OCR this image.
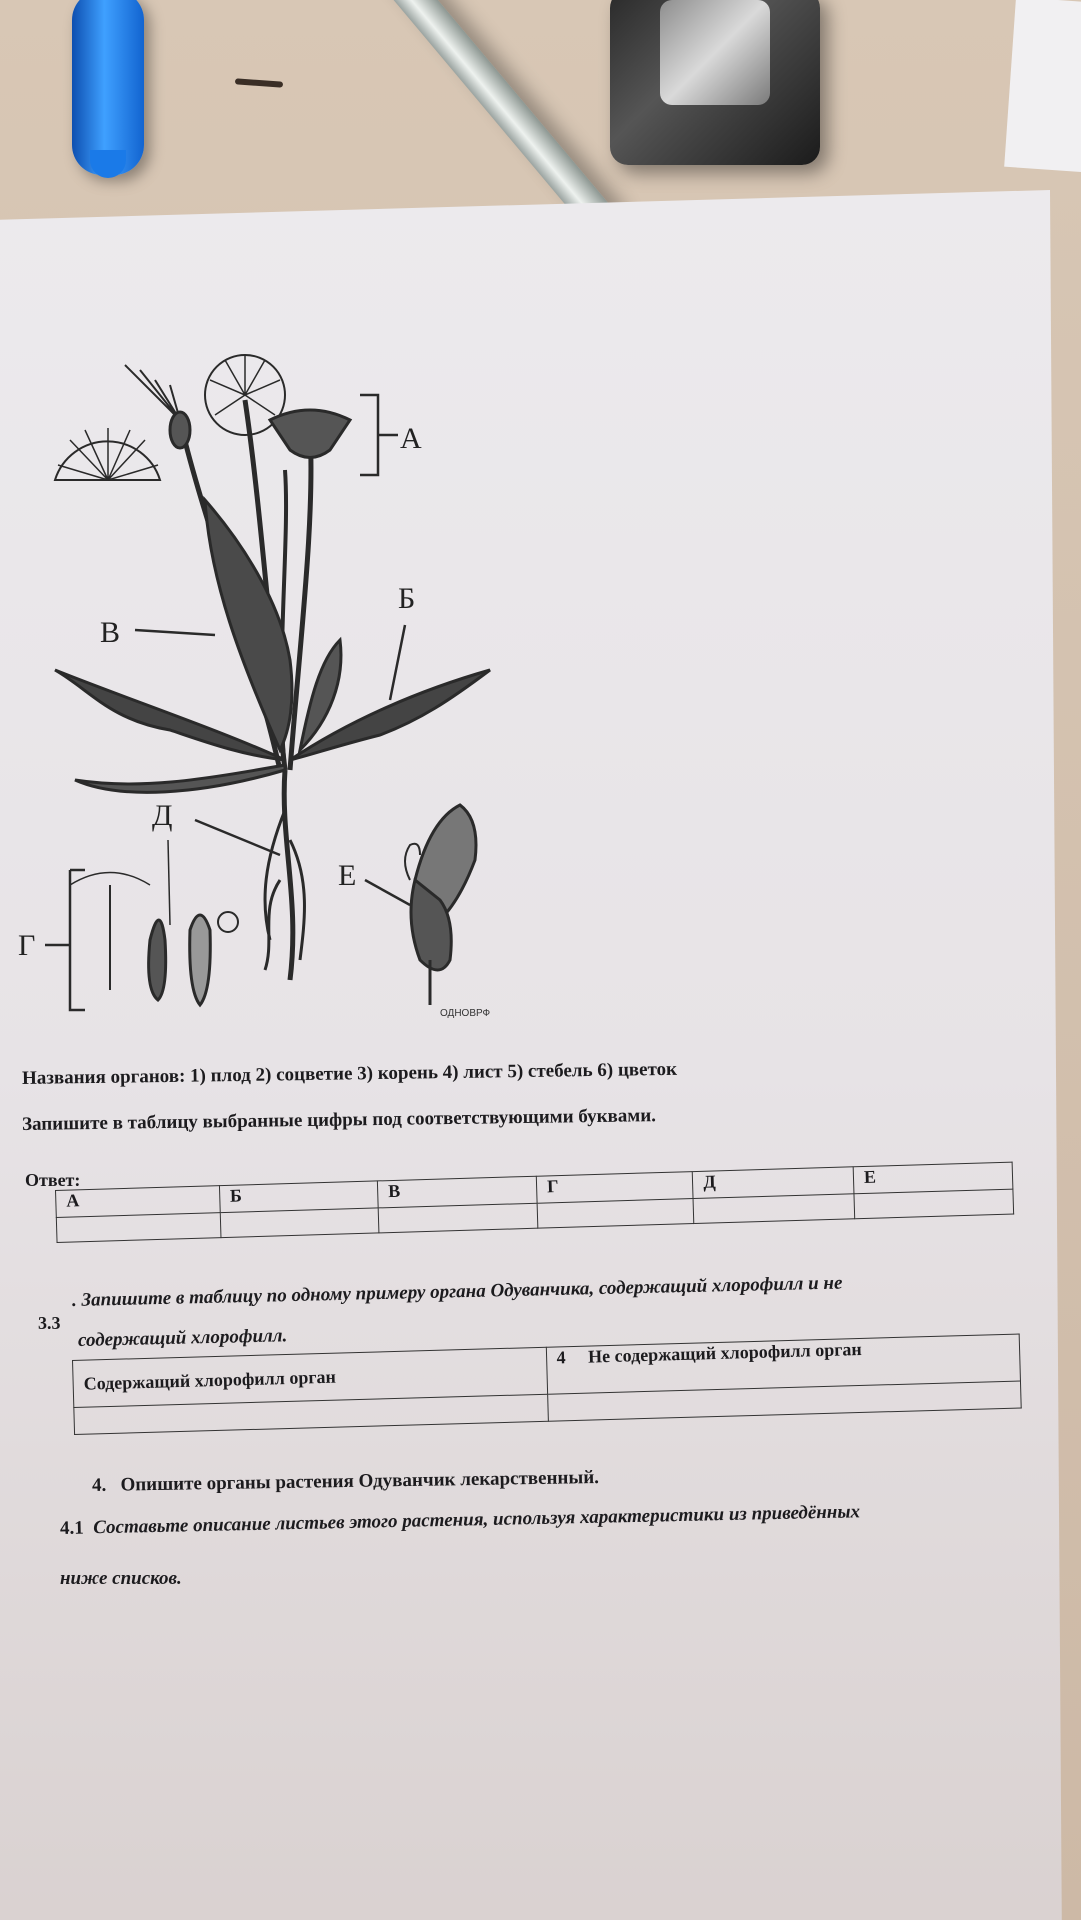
А
Б
В
Д
Е
Г
ОДНОВРФ
Названия органов: 1) плод 2) соцветие 3) корень 4) лист 5) стебель 6) цветок
Запишите в таблицу выбранные цифры под соответствующими буквами.
Ответ:
А	Б	В	Г	Д	Е

3.3
. Запишите в таблицу по одному примеру органа Одуванчика, содержащий хлорофилл и не
содержащий хлорофилл.
Содержащий хлорофилл орган	4 Не содержащий хлорофилл орган

4. Опишите органы растения Одуванчик лекарственный.
4.1 Составьте описание листьев этого растения, используя характеристики из приведённых
ниже списков.
